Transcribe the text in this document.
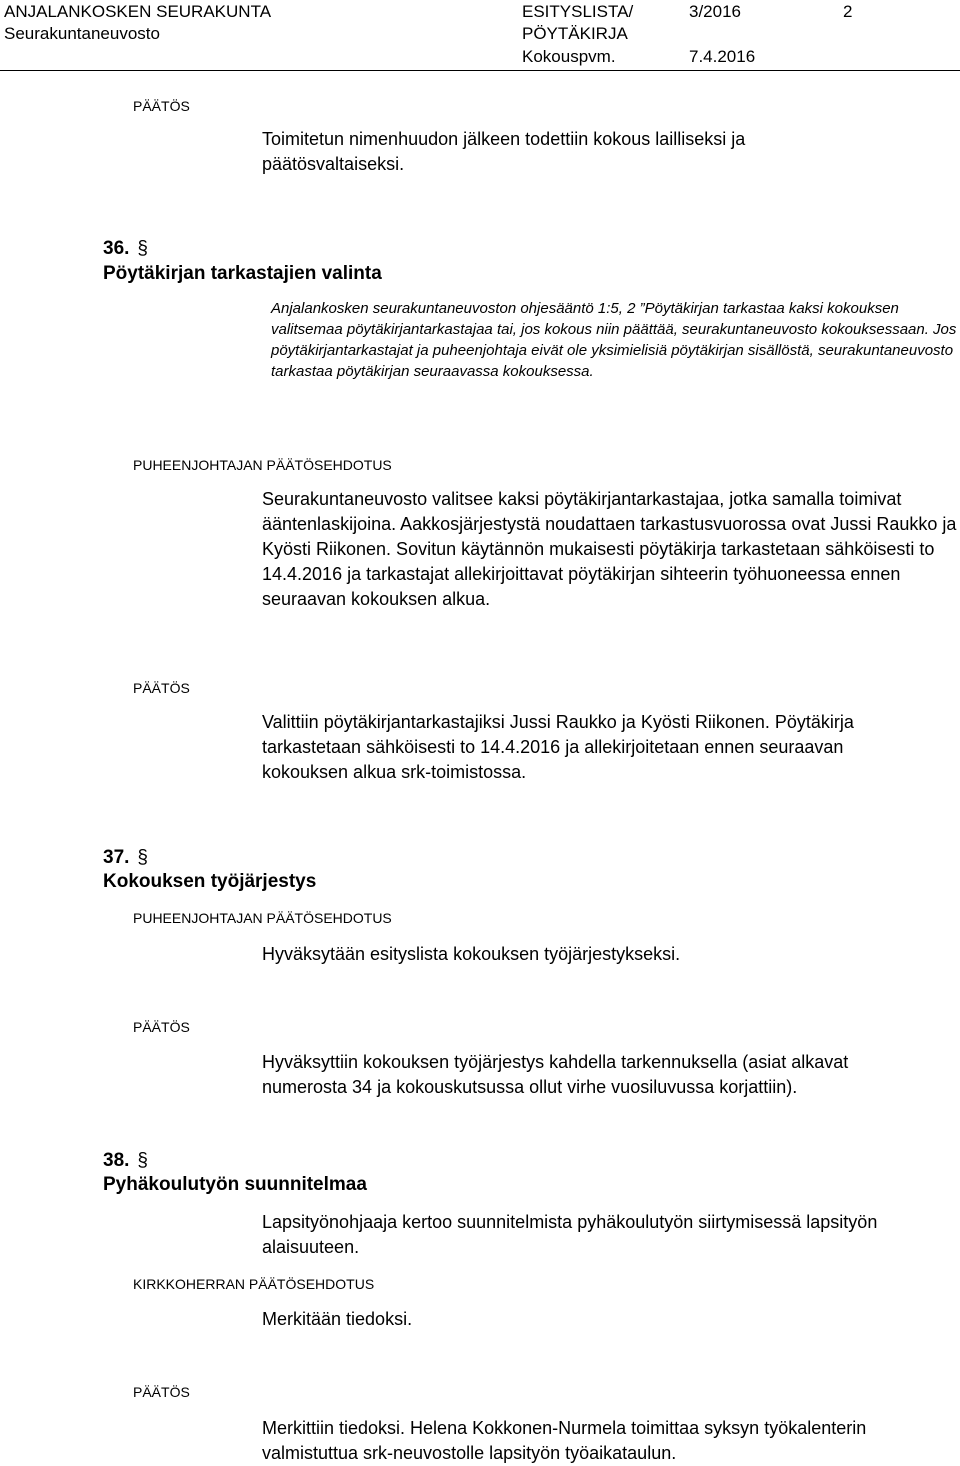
ANJALANKOSKEN SEURAKUNTA
Seurakuntaneuvosto
ESITYSLISTA/
PÖYTÄKIRJA
3/2016	2
Kokouspvm.	7.4.2016
PÄÄTÖS

Toimitetun nimenhuudon jälkeen todettiin kokous lailliseksi ja päätösvaltaiseksi.

36. §
Pöytäkirjan tarkastajien valinta

Anjalankosken seurakuntaneuvoston ohjesääntö 1:5, 2 ”Pöytäkirjan tarkastaa kaksi kokouksen valitsemaa pöytäkirjantarkastajaa tai, jos kokous niin päättää, seurakuntaneuvosto kokouksessaan. Jos pöytäkirjantarkastajat ja puheenjohtaja eivät ole yksimielisiä pöytäkirjan sisällöstä, seurakuntaneuvosto tarkastaa pöytäkirjan seuraavassa kokouksessa.

PUHEENJOHTAJAN PÄÄTÖSEHDOTUS

Seurakuntaneuvosto valitsee kaksi pöytäkirjantarkastajaa, jotka samalla toimivat ääntenlaskijoina. Aakkosjärjestystä noudattaen tarkastusvuorossa ovat Jussi Raukko ja Kyösti Riikonen. Sovitun käytännön mukaisesti pöytäkirja tarkastetaan sähköisesti to 14.4.2016 ja tarkastajat allekirjoittavat pöytäkirjan sihteerin työhuoneessa ennen seuraavan kokouksen alkua.

PÄÄTÖS

Valittiin pöytäkirjantarkastajiksi Jussi Raukko ja Kyösti Riikonen. Pöytäkirja tarkastetaan sähköisesti to 14.4.2016 ja allekirjoitetaan ennen seuraavan kokouksen alkua srk-toimistossa.

37. §
Kokouksen työjärjestys
PUHEENJOHTAJAN PÄÄTÖSEHDOTUS

Hyväksytään esityslista kokouksen työjärjestykseksi.

PÄÄTÖS

Hyväksyttiin kokouksen työjärjestys kahdella tarkennuksella (asiat alkavat numerosta 34 ja kokouskutsussa ollut virhe vuosiluvussa korjattiin).

38. §
Pyhäkoulutyön suunnitelmaa

Lapsityönohjaaja kertoo suunnitelmista pyhäkoulutyön siirtymisessä lapsityön alaisuuteen.

KIRKKOHERRAN PÄÄTÖSEHDOTUS

Merkitään tiedoksi.

PÄÄTÖS

Merkittiin tiedoksi. Helena Kokkonen-Nurmela toimittaa syksyn työkalenterin valmistuttua srk-neuvostolle lapsityön työaikataulun.
